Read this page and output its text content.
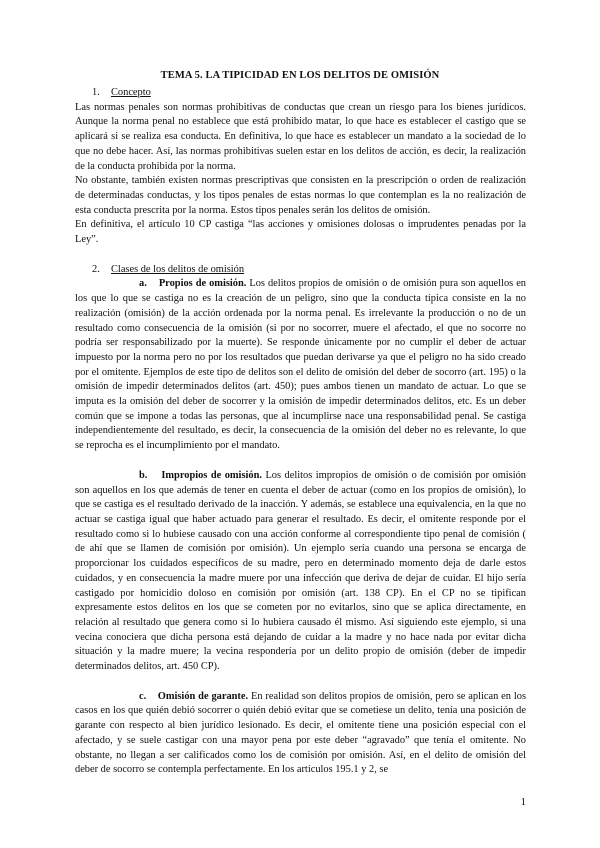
TEMA 5. LA TIPICIDAD EN LOS DELITOS DE OMISIÓN

1. Concepto

Las normas penales son normas prohibitivas de conductas que crean un riesgo para los bienes jurídicos. Aunque la norma penal no establece que está prohibido matar, lo que hace es establecer el castigo que se aplicará si se realiza esa conducta. En definitiva, lo que hace es establecer un mandato a la sociedad de lo que no debe hacer. Así, las normas prohibitivas suelen estar en los delitos de acción, es decir, la realización de la conducta prohibida por la norma.

No obstante, también existen normas prescriptivas que consisten en la prescripción o orden de realización de determinadas conductas, y los tipos penales de estas normas lo que contemplan es la no realización de esta conducta prescrita por la norma. Estos tipos penales serán los delitos de omisión.

En definitiva, el artículo 10 CP castiga “las acciones y omisiones dolosas o imprudentes penadas por la Ley”.

2. Clases de los delitos de omisión

a. Propios de omisión. Los delitos propios de omisión o de omisión pura son aquellos en los que lo que se castiga no es la creación de un peligro, sino que la conducta típica consiste en la no realización (omisión) de la acción ordenada por la norma penal. Es irrelevante la producción o no de un resultado como consecuencia de la omisión (si por no socorrer, muere el afectado, el que no socorre no podría ser responsabilizado por la muerte). Se responde únicamente por no cumplir el deber de actuar impuesto por la norma pero no por los resultados que puedan derivarse ya que el peligro no ha sido creado por el omitente. Ejemplos de este tipo de delitos son el delito de omisión del deber de socorro (art. 195) o la omisión de impedir determinados delitos (art. 450); pues ambos tienen un mandato de actuar. Lo que se imputa es la omisión del deber de socorrer y la omisión de impedir determinados delitos, etc. Es un deber común que se impone a todas las personas, que al incumplirse nace una responsabilidad penal. Se castiga independientemente del resultado, es decir, la consecuencia de la omisión del deber no es relevante, lo que se reprocha es el incumplimiento por el mandato.

b. Impropios de omisión. Los delitos impropios de omisión o de comisión por omisión son aquellos en los que además de tener en cuenta el deber de actuar (como en los propios de omisión), lo que se castiga es el resultado derivado de la inacción. Y además, se establece una equivalencia, en la que no actuar se castiga igual que haber actuado para generar el resultado. Es decir, el omitente responde por el resultado como si lo hubiese causado con una acción conforme al correspondiente tipo penal de comisión ( de ahí que se llamen de comisión por omisión). Un ejemplo sería cuando una persona se encarga de proporcionar los cuidados específicos de su madre, pero en determinado momento deja de darle estos cuidados, y en consecuencia la madre muere por una infección que deriva de dejar de cuidar. El hijo sería castigado por homicidio doloso en comisión por omisión (art. 138 CP). En el CP no se tipifican expresamente estos delitos en los que se cometen por no evitarlos, sino que se aplica directamente, en relación al resultado que genera como si lo hubiera causado él mismo. Así siguiendo este ejemplo, si una vecina conociera que dicha persona está dejando de cuidar a la madre y no hace nada por evitar dicha situación y la madre muere; la vecina respondería por un delito propio de omisión (deber de impedir determinados delitos, art. 450 CP).

c. Omisión de garante. En realidad son delitos propios de omisión, pero se aplican en los casos en los que quién debió socorrer o quién debió evitar que se cometiese un delito, tenía una posición de garante con respecto al bien jurídico lesionado. Es decir, el omitente tiene una posición especial con el afectado, y se suele castigar con una mayor pena por este deber “agravado” que tenía el omitente. No obstante, no llegan a ser calificados como los de comisión por omisión. Así, en el delito de omisión del deber de socorro se contempla perfectamente. En los artículos 195.1 y 2, se

1
